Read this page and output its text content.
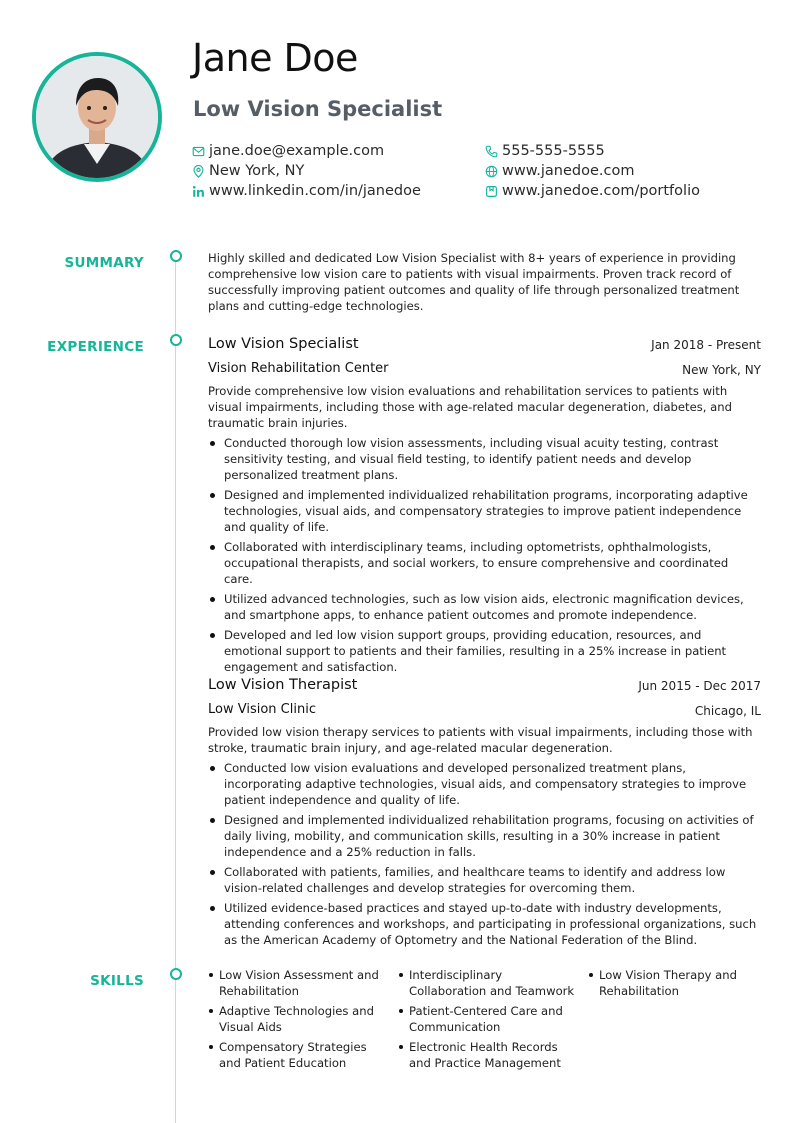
Jane Doe
Low Vision Specialist
jane.doe@example.com	555-555-5555
New York, NY	www.janedoe.com
www.linkedin.com/in/janedoe	www.janedoe.com/portfolio
SUMMARY	Highly skilled and dedicated Low Vision Specialist with 8+ years of experience in providing comprehensive low vision care to patients with visual impairments. Proven track record of successfully improving patient outcomes and quality of life through personalized treatment plans and cutting-edge technologies.

EXPERIENCE	Low Vision Specialist	Jan 2018 - Present
Vision Rehabilitation Center	New York, NY

Provide comprehensive low vision evaluations and rehabilitation services to patients with visual impairments, including those with age-related macular degeneration, diabetes, and traumatic brain injuries.

Conducted thorough low vision assessments, including visual acuity testing, contrast sensitivity testing, and visual field testing, to identify patient needs and develop personalized treatment plans.
Designed and implemented individualized rehabilitation programs, incorporating adaptive technologies, visual aids, and compensatory strategies to improve patient independence and quality of life.
Collaborated with interdisciplinary teams, including optometrists, ophthalmologists, occupational therapists, and social workers, to ensure comprehensive and coordinated care.
Utilized advanced technologies, such as low vision aids, electronic magnification devices, and smartphone apps, to enhance patient outcomes and promote independence.
Developed and led low vision support groups, providing education, resources, and emotional support to patients and their families, resulting in a 25% increase in patient engagement and satisfaction.
Low Vision Therapist	Jun 2015 - Dec 2017
Low Vision Clinic	Chicago, IL

Provided low vision therapy services to patients with visual impairments, including those with stroke, traumatic brain injury, and age-related macular degeneration.

Conducted low vision evaluations and developed personalized treatment plans, incorporating adaptive technologies, visual aids, and compensatory strategies to improve patient independence and quality of life.
Designed and implemented individualized rehabilitation programs, focusing on activities of daily living, mobility, and communication skills, resulting in a 30% increase in patient independence and a 25% reduction in falls.
Collaborated with patients, families, and healthcare teams to identify and address low vision-related challenges and develop strategies for overcoming them.
Utilized evidence-based practices and stayed up-to-date with industry developments, attending conferences and workshops, and participating in professional organizations, such as the American Academy of Optometry and the National Federation of the Blind.
SKILLS	Low Vision Assessment and Rehabilitation
Adaptive Technologies and Visual Aids
Compensatory Strategies and Patient Education
Interdisciplinary Collaboration and Teamwork
Patient-Centered Care and Communication
Electronic Health Records and Practice Management
Low Vision Therapy and Rehabilitation
